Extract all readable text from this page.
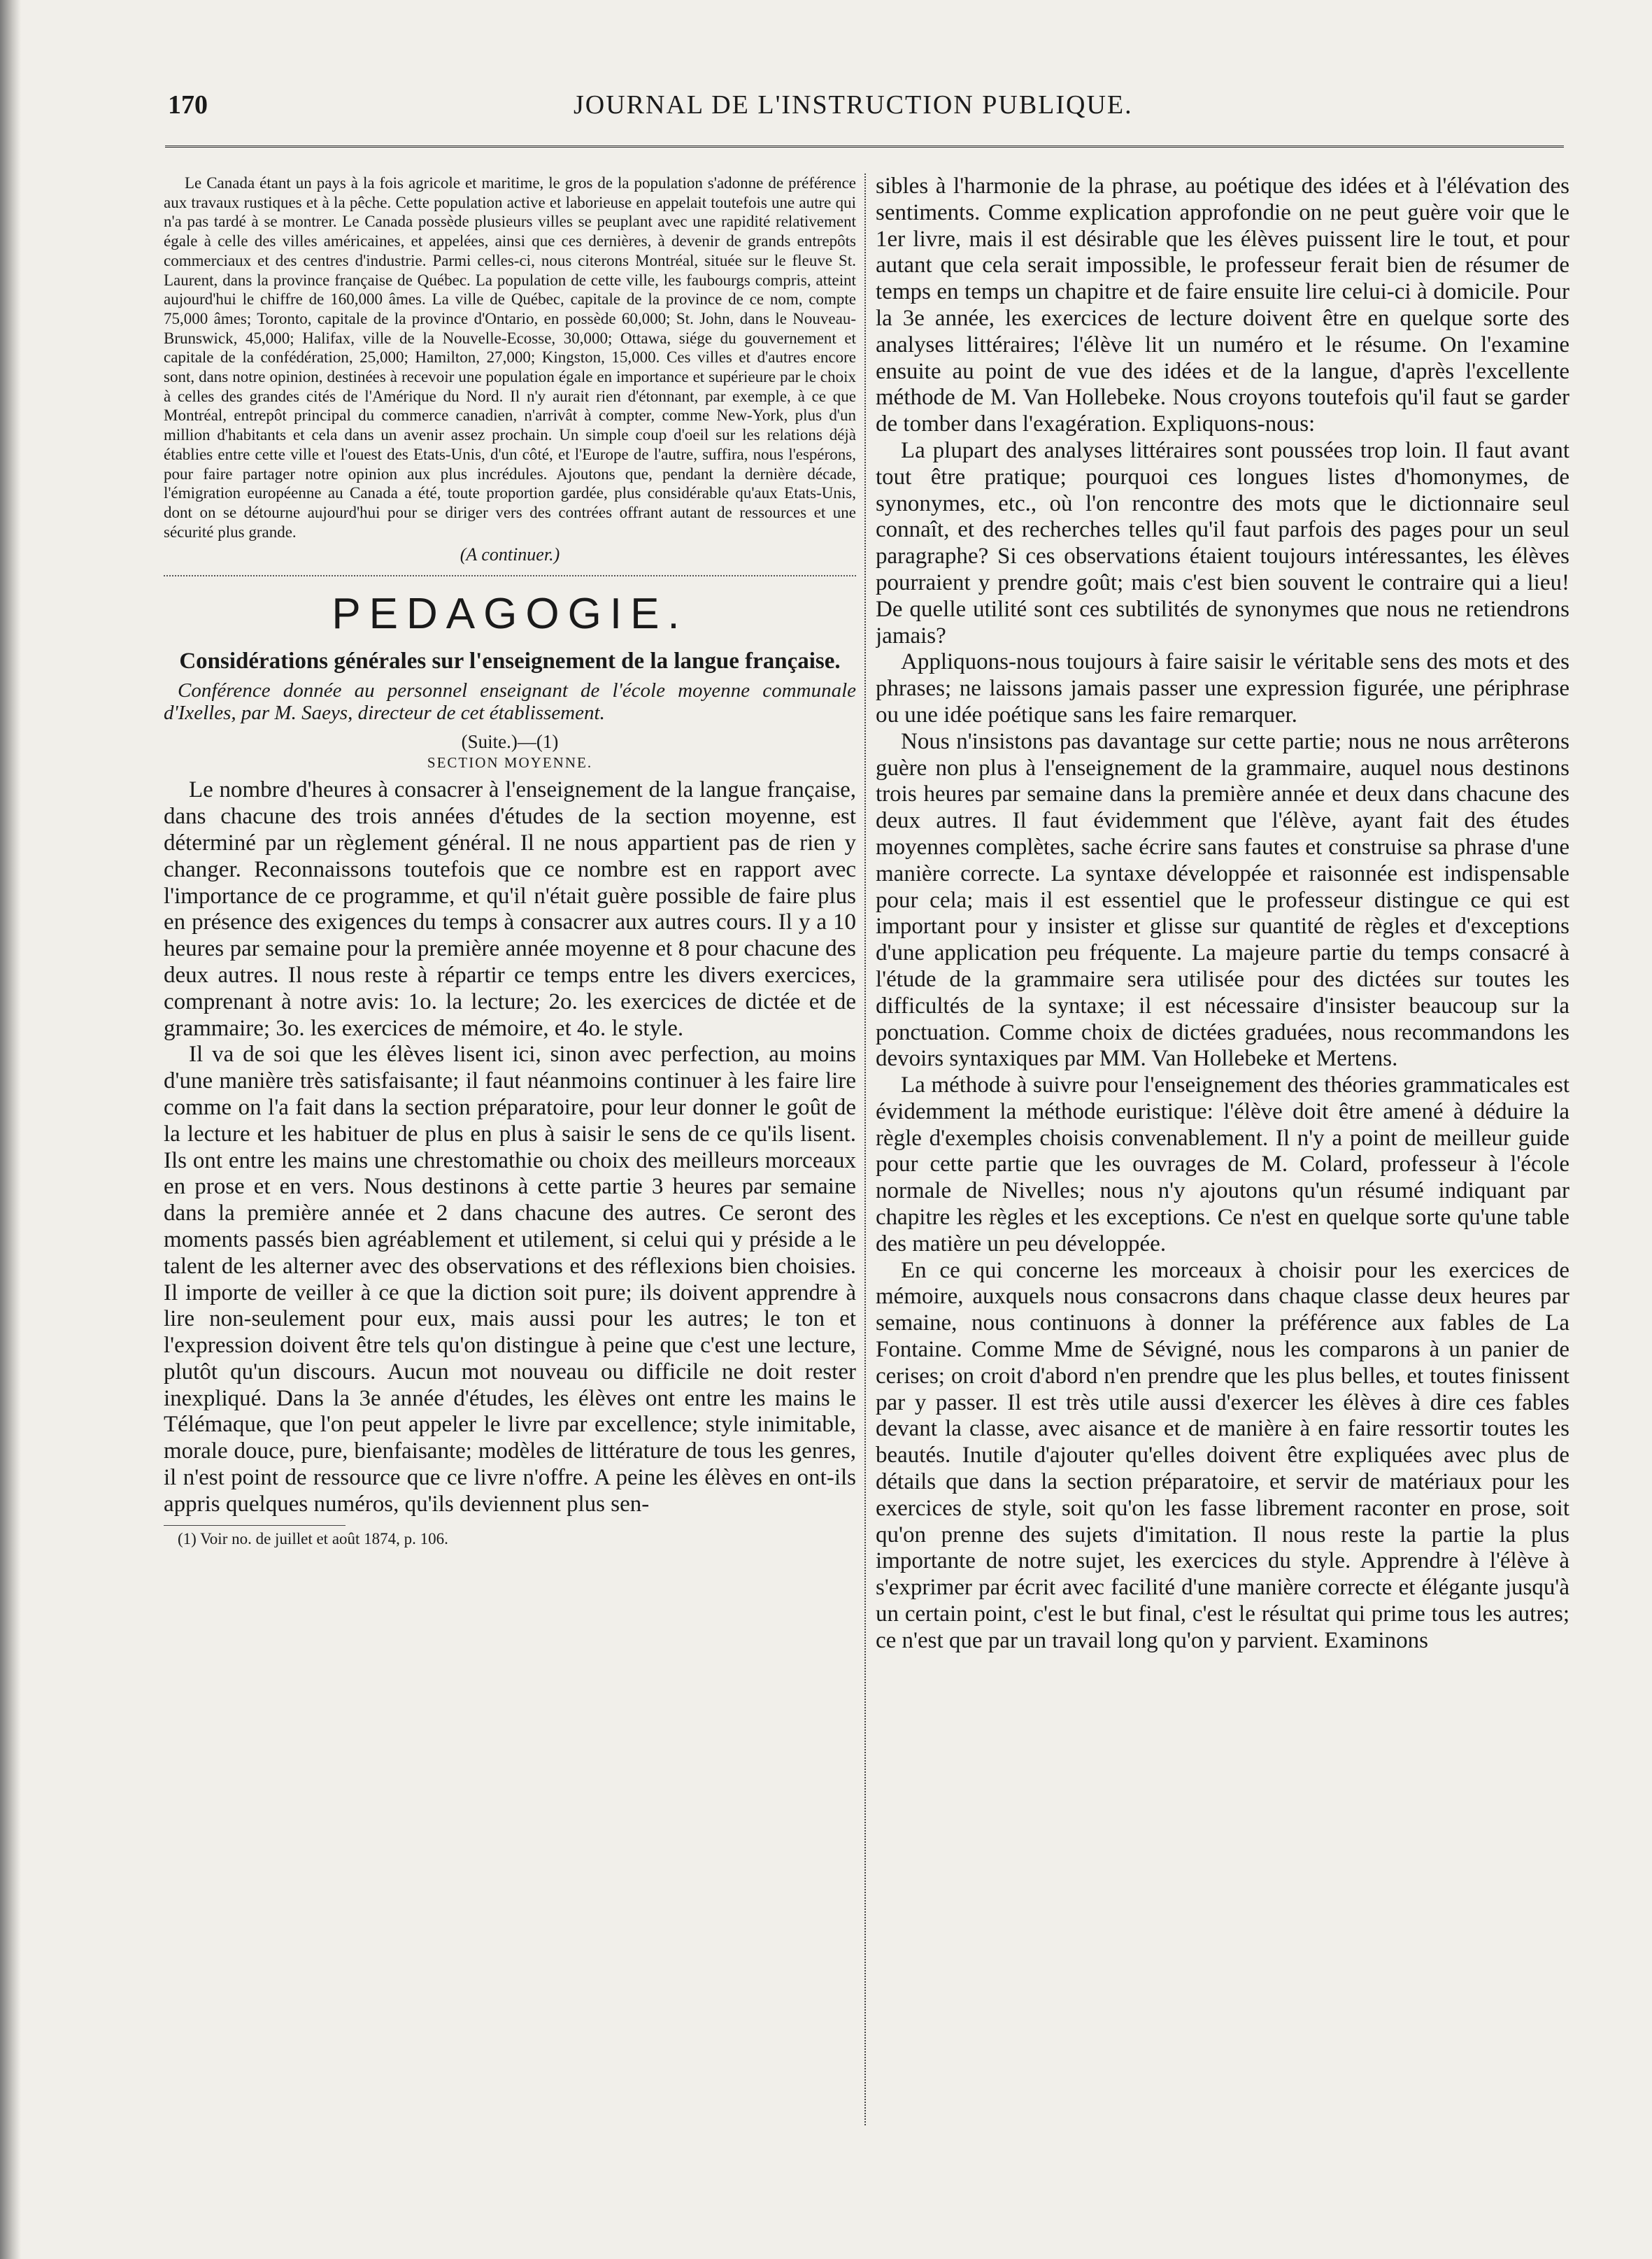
170	JOURNAL DE L'INSTRUCTION PUBLIQUE.

Le Canada étant un pays à la fois agricole et maritime, le gros de la population s'adonne de préférence aux travaux rustiques et à la pêche. Cette population active et laborieuse en appelait toutefois une autre qui n'a pas tardé à se montrer. Le Canada possède plusieurs villes se peuplant avec une rapidité relativement égale à celle des villes américaines, et appelées, ainsi que ces dernières, à devenir de grands entrepôts commerciaux et des centres d'industrie. Parmi celles-ci, nous citerons Montréal, située sur le fleuve St. Laurent, dans la province française de Québec. La population de cette ville, les faubourgs compris, atteint aujourd'hui le chiffre de 160,000 âmes. La ville de Québec, capitale de la province de ce nom, compte 75,000 âmes; Toronto, capitale de la province d'Ontario, en possède 60,000; St. John, dans le Nouveau-Brunswick, 45,000; Halifax, ville de la Nouvelle-Ecosse, 30,000; Ottawa, siége du gouvernement et capitale de la confédération, 25,000; Hamilton, 27,000; Kingston, 15,000. Ces villes et d'autres encore sont, dans notre opinion, destinées à recevoir une population égale en importance et supérieure par le choix à celles des grandes cités de l'Amérique du Nord. Il n'y aurait rien d'étonnant, par exemple, à ce que Montréal, entrepôt principal du commerce canadien, n'arrivât à compter, comme New-York, plus d'un million d'habitants et cela dans un avenir assez prochain. Un simple coup d'oeil sur les relations déjà établies entre cette ville et l'ouest des Etats-Unis, d'un côté, et l'Europe de l'autre, suffira, nous l'espérons, pour faire partager notre opinion aux plus incrédules. Ajoutons que, pendant la dernière décade, l'émigration européenne au Canada a été, toute proportion gardée, plus considérable qu'aux Etats-Unis, dont on se détourne aujourd'hui pour se diriger vers des contrées offrant autant de ressources et une sécurité plus grande.

(A continuer.)

PEDAGOGIE.
Considérations générales sur l'enseignement de la langue française.

Conférence donnée au personnel enseignant de l'école moyenne communale d'Ixelles, par M. Saeys, directeur de cet établissement.

(Suite.)—(1)

SECTION MOYENNE.

Le nombre d'heures à consacrer à l'enseignement de la langue française, dans chacune des trois années d'études de la section moyenne, est déterminé par un règlement général. Il ne nous appartient pas de rien y changer. Reconnaissons toutefois que ce nombre est en rapport avec l'importance de ce programme, et qu'il n'était guère possible de faire plus en présence des exigences du temps à consacrer aux autres cours. Il y a 10 heures par semaine pour la première année moyenne et 8 pour chacune des deux autres. Il nous reste à répartir ce temps entre les divers exercices, comprenant à notre avis: 1o. la lecture; 2o. les exercices de dictée et de grammaire; 3o. les exercices de mémoire, et 4o. le style.

Il va de soi que les élèves lisent ici, sinon avec perfection, au moins d'une manière très satisfaisante; il faut néanmoins continuer à les faire lire comme on l'a fait dans la section préparatoire, pour leur donner le goût de la lecture et les habituer de plus en plus à saisir le sens de ce qu'ils lisent. Ils ont entre les mains une chrestomathie ou choix des meilleurs morceaux en prose et en vers. Nous destinons à cette partie 3 heures par semaine dans la première année et 2 dans chacune des autres. Ce seront des moments passés bien agréablement et utilement, si celui qui y préside a le talent de les alterner avec des observations et des réflexions bien choisies. Il importe de veiller à ce que la diction soit pure; ils doivent apprendre à lire non-seulement pour eux, mais aussi pour les autres; le ton et l'expression doivent être tels qu'on distingue à peine que c'est une lecture, plutôt qu'un discours. Aucun mot nouveau ou difficile ne doit rester inexpliqué. Dans la 3e année d'études, les élèves ont entre les mains le Télémaque, que l'on peut appeler le livre par excellence; style inimitable, morale douce, pure, bienfaisante; modèles de littérature de tous les genres, il n'est point de ressource que ce livre n'offre. A peine les élèves en ont-ils appris quelques numéros, qu'ils deviennent plus sen-

(1) Voir no. de juillet et août 1874, p. 106.

sibles à l'harmonie de la phrase, au poétique des idées et à l'élévation des sentiments. Comme explication approfondie on ne peut guère voir que le 1er livre, mais il est désirable que les élèves puissent lire le tout, et pour autant que cela serait impossible, le professeur ferait bien de résumer de temps en temps un chapitre et de faire ensuite lire celui-ci à domicile. Pour la 3e année, les exercices de lecture doivent être en quelque sorte des analyses littéraires; l'élève lit un numéro et le résume. On l'examine ensuite au point de vue des idées et de la langue, d'après l'excellente méthode de M. Van Hollebeke. Nous croyons toutefois qu'il faut se garder de tomber dans l'exagération. Expliquons-nous:

La plupart des analyses littéraires sont poussées trop loin. Il faut avant tout être pratique; pourquoi ces longues listes d'homonymes, de synonymes, etc., où l'on rencontre des mots que le dictionnaire seul connaît, et des recherches telles qu'il faut parfois des pages pour un seul paragraphe? Si ces observations étaient toujours intéressantes, les élèves pourraient y prendre goût; mais c'est bien souvent le contraire qui a lieu! De quelle utilité sont ces subtilités de synonymes que nous ne retiendrons jamais?

Appliquons-nous toujours à faire saisir le véritable sens des mots et des phrases; ne laissons jamais passer une expression figurée, une périphrase ou une idée poétique sans les faire remarquer.

Nous n'insistons pas davantage sur cette partie; nous ne nous arrêterons guère non plus à l'enseignement de la grammaire, auquel nous destinons trois heures par semaine dans la première année et deux dans chacune des deux autres. Il faut évidemment que l'élève, ayant fait des études moyennes complètes, sache écrire sans fautes et construise sa phrase d'une manière correcte. La syntaxe développée et raisonnée est indispensable pour cela; mais il est essentiel que le professeur distingue ce qui est important pour y insister et glisse sur quantité de règles et d'exceptions d'une application peu fréquente. La majeure partie du temps consacré à l'étude de la grammaire sera utilisée pour des dictées sur toutes les difficultés de la syntaxe; il est nécessaire d'insister beaucoup sur la ponctuation. Comme choix de dictées graduées, nous recommandons les devoirs syntaxiques par MM. Van Hollebeke et Mertens.

La méthode à suivre pour l'enseignement des théories grammaticales est évidemment la méthode euristique: l'élève doit être amené à déduire la règle d'exemples choisis convenablement. Il n'y a point de meilleur guide pour cette partie que les ouvrages de M. Colard, professeur à l'école normale de Nivelles; nous n'y ajoutons qu'un résumé indiquant par chapitre les règles et les exceptions. Ce n'est en quelque sorte qu'une table des matière un peu développée.

En ce qui concerne les morceaux à choisir pour les exercices de mémoire, auxquels nous consacrons dans chaque classe deux heures par semaine, nous continuons à donner la préférence aux fables de La Fontaine. Comme Mme de Sévigné, nous les comparons à un panier de cerises; on croit d'abord n'en prendre que les plus belles, et toutes finissent par y passer. Il est très utile aussi d'exercer les élèves à dire ces fables devant la classe, avec aisance et de manière à en faire ressortir toutes les beautés. Inutile d'ajouter qu'elles doivent être expliquées avec plus de détails que dans la section préparatoire, et servir de matériaux pour les exercices de style, soit qu'on les fasse librement raconter en prose, soit qu'on prenne des sujets d'imitation. Il nous reste la partie la plus importante de notre sujet, les exercices du style. Apprendre à l'élève à s'exprimer par écrit avec facilité d'une manière correcte et élégante jusqu'à un certain point, c'est le but final, c'est le résultat qui prime tous les autres; ce n'est que par un travail long qu'on y parvient. Examinons
